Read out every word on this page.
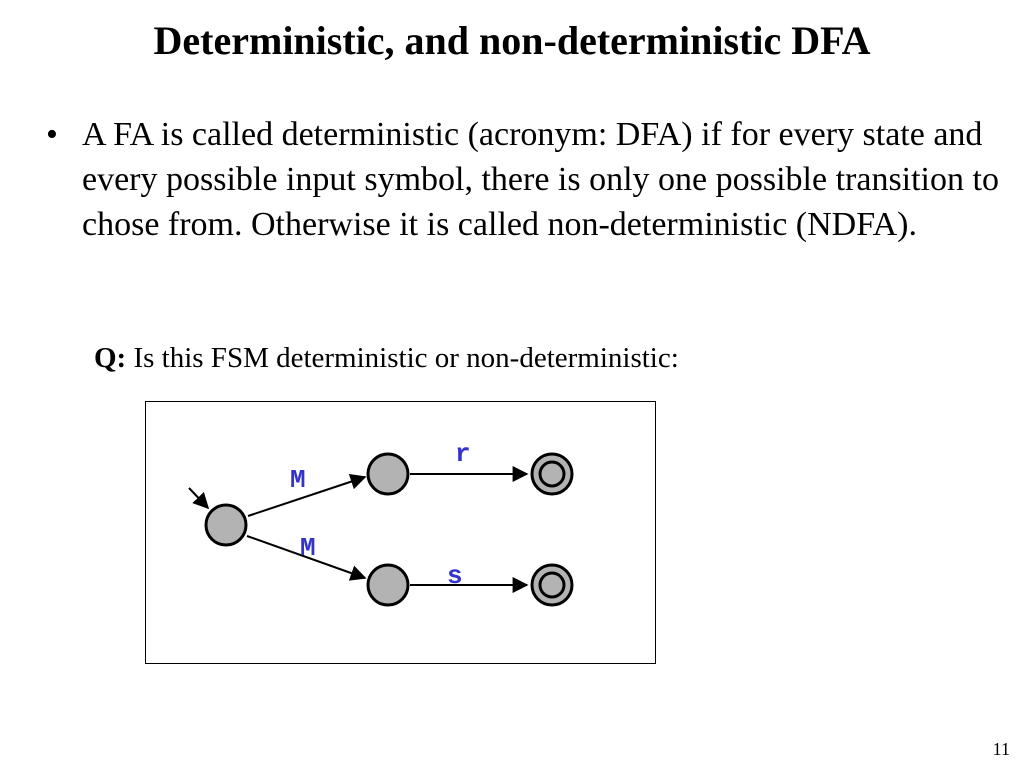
Deterministic, and non-deterministic DFA
• A FA is called deterministic (acronym: DFA) if for every state and every possible input symbol, there is only one possible transition to chose from. Otherwise it is called non-deterministic (NDFA).

Q: Is this FSM deterministic or non-deterministic:
M
M
r
s
11
